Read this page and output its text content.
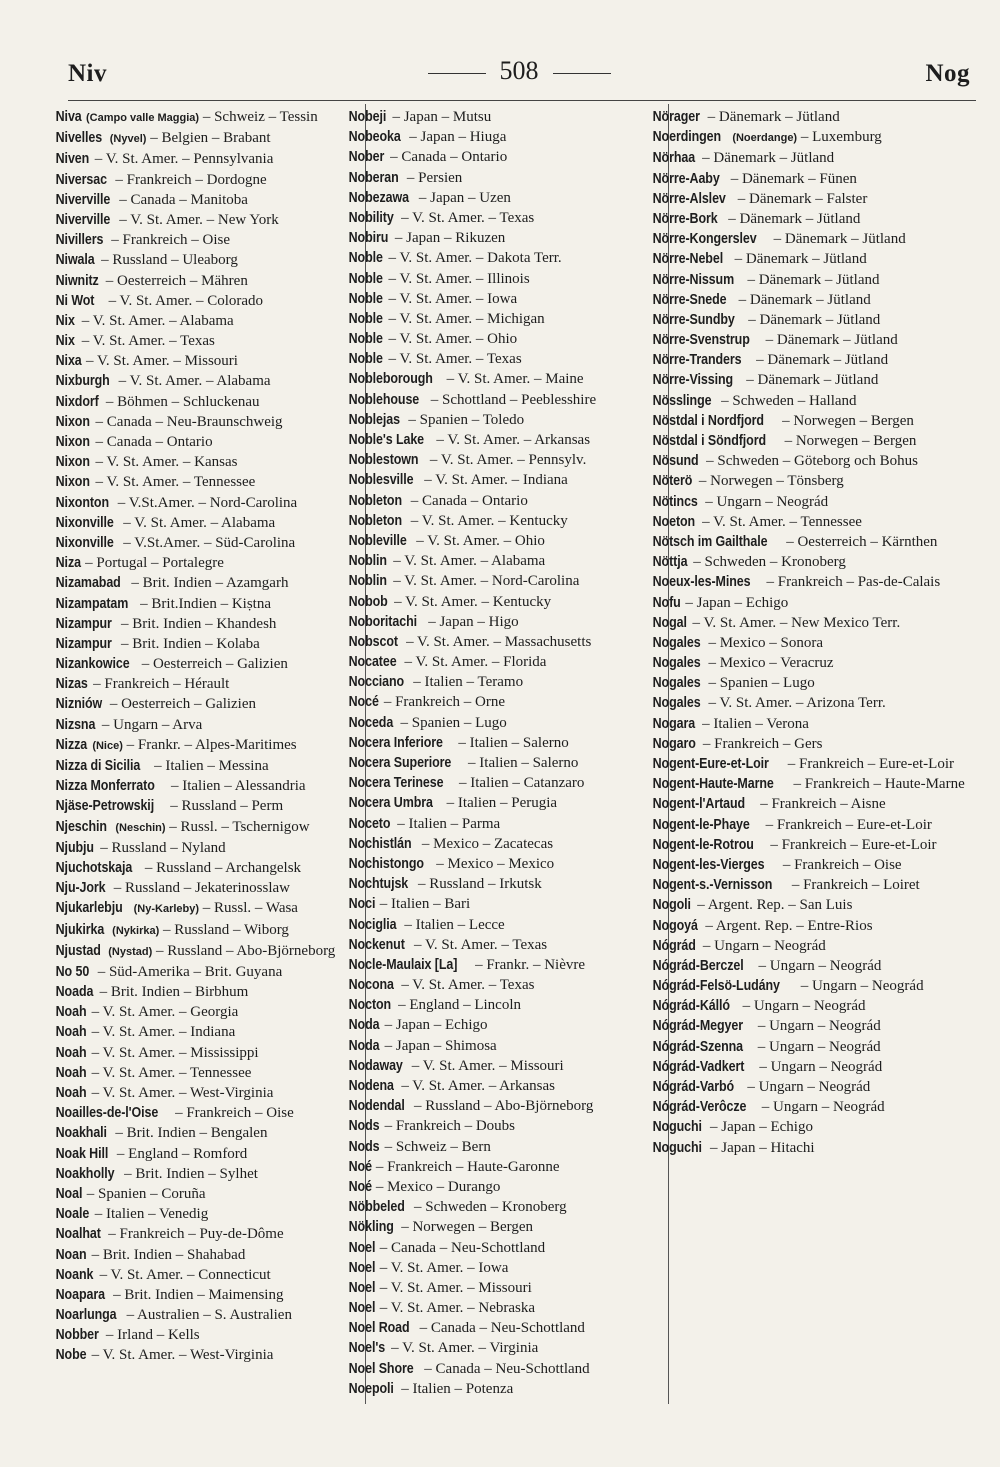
Niv	508	Nog
Niva (Campo valle Maggia) – Schweiz – Tessin
Nivelles (Nyvel) – Belgien – Brabant
Niven – V. St. Amer. – Pennsylvania
Niversac – Frankreich – Dordogne
Niverville – Canada – Manitoba
Niverville – V. St. Amer. – New York
Nivillers – Frankreich – Oise
Niwala – Russland – Uleaborg
Niwnitz – Oesterreich – Mähren
Ni Wot – V. St. Amer. – Colorado
Nix – V. St. Amer. – Alabama
Nix – V. St. Amer. – Texas
Nixa – V. St. Amer. – Missouri
Nixburgh – V. St. Amer. – Alabama
Nixdorf – Böhmen – Schluckenau
Nixon – Canada – Neu-Braunschweig
Nixon – Canada – Ontario
Nixon – V. St. Amer. – Kansas
Nixon – V. St. Amer. – Tennessee
Nixonton – V.St.Amer. – Nord-Carolina
Nixonville – V. St. Amer. – Alabama
Nixonville – V.St.Amer. – Süd-Carolina
Niza – Portugal – Portalegre
Nizamabad – Brit. Indien – Azamgarh
Nizampatam – Brit.Indien – Kiṣtna
Nizampur – Brit. Indien – Khandesh
Nizampur – Brit. Indien – Kolaba
Nizankowice – Oesterreich – Galizien
Nizas – Frankreich – Hérault
Nizniów – Oesterreich – Galizien
Nizsna – Ungarn – Arva
Nizza (Nice) – Frankr. – Alpes-Maritimes
Nizza di Sicilia – Italien – Messina
Nizza Monferrato – Italien – Alessandria
Njäse-Petrowskij – Russland – Perm
Njeschin (Neschin) – Russl. – Tschernigow
Njubju – Russland – Nyland
Njuchotskaja – Russland – Archangelsk
Nju-Jork – Russland – Jekaterinosslaw
Njukarlebju (Ny-Karleby) – Russl. – Wasa
Njukirka (Nykirka) – Russland – Wiborg
Njustad (Nystad) – Russland – Abo-Björneborg
No 50 – Süd-Amerika – Brit. Guyana
Noada – Brit. Indien – Birbhum
Noah – V. St. Amer. – Georgia
Noah – V. St. Amer. – Indiana
Noah – V. St. Amer. – Mississippi
Noah – V. St. Amer. – Tennessee
Noah – V. St. Amer. – West-Virginia
Noailles-de-l'Oise – Frankreich – Oise
Noakhali – Brit. Indien – Bengalen
Noak Hill – England – Romford
Noakholly – Brit. Indien – Sylhet
Noal – Spanien – Coruña
Noale – Italien – Venedig
Noalhat – Frankreich – Puy-de-Dôme
Noan – Brit. Indien – Shahabad
Noank – V. St. Amer. – Connecticut
Noapara – Brit. Indien – Maimensing
Noarlunga – Australien – S. Australien
Nobber – Irland – Kells
Nobe – V. St. Amer. – West-Virginia
Nobeji – Japan – Mutsu
Nobeoka – Japan – Hiuga
Nober – Canada – Ontario
Noberan – Persien
Nobezawa – Japan – Uzen
Nobility – V. St. Amer. – Texas
Nobiru – Japan – Rikuzen
Noble – V. St. Amer. – Dakota Terr.
Noble – V. St. Amer. – Illinois
Noble – V. St. Amer. – Iowa
Noble – V. St. Amer. – Michigan
Noble – V. St. Amer. – Ohio
Noble – V. St. Amer. – Texas
Nobleborough – V. St. Amer. – Maine
Noblehouse – Schottland – Peeblesshire
Noblejas – Spanien – Toledo
Noble's Lake – V. St. Amer. – Arkansas
Noblestown – V. St. Amer. – Pennsylv.
Noblesville – V. St. Amer. – Indiana
Nobleton – Canada – Ontario
Nobleton – V. St. Amer. – Kentucky
Nobleville – V. St. Amer. – Ohio
Noblin – V. St. Amer. – Alabama
Noblin – V. St. Amer. – Nord-Carolina
Nobob – V. St. Amer. – Kentucky
Noboritachi – Japan – Higo
Nobscot – V. St. Amer. – Massachusetts
Nocatee – V. St. Amer. – Florida
Nocciano – Italien – Teramo
Nocé – Frankreich – Orne
Noceda – Spanien – Lugo
Nocera Inferiore – Italien – Salerno
Nocera Superiore – Italien – Salerno
Nocera Terinese – Italien – Catanzaro
Nocera Umbra – Italien – Perugia
Noceto – Italien – Parma
Nochistlán – Mexico – Zacatecas
Nochistongo – Mexico – Mexico
Nochtujsk – Russland – Irkutsk
Noci – Italien – Bari
Nociglia – Italien – Lecce
Nockenut – V. St. Amer. – Texas
Nocle-Maulaix [La] – Frankr. – Nièvre
Nocona – V. St. Amer. – Texas
Nocton – England – Lincoln
Noda – Japan – Echigo
Noda – Japan – Shimosa
Nodaway – V. St. Amer. – Missouri
Nodena – V. St. Amer. – Arkansas
Nodendal – Russland – Abo-Björneborg
Nods – Frankreich – Doubs
Nods – Schweiz – Bern
Noé – Frankreich – Haute-Garonne
Noé – Mexico – Durango
Nöbbeled – Schweden – Kronoberg
Nökling – Norwegen – Bergen
Noel – Canada – Neu-Schottland
Noel – V. St. Amer. – Iowa
Noel – V. St. Amer. – Missouri
Noel – V. St. Amer. – Nebraska
Noel Road – Canada – Neu-Schottland
Noel's – V. St. Amer. – Virginia
Noel Shore – Canada – Neu-Schottland
Noepoli – Italien – Potenza
Nörager – Dänemark – Jütland
Noerdingen (Noerdange) – Luxemburg
Nörhaa – Dänemark – Jütland
Nörre-Aaby – Dänemark – Fünen
Nörre-Alslev – Dänemark – Falster
Nörre-Bork – Dänemark – Jütland
Nörre-Kongerslev – Dänemark – Jütland
Nörre-Nebel – Dänemark – Jütland
Nörre-Nissum – Dänemark – Jütland
Nörre-Snede – Dänemark – Jütland
Nörre-Sundby – Dänemark – Jütland
Nörre-Svenstrup – Dänemark – Jütland
Nörre-Tranders – Dänemark – Jütland
Nörre-Vissing – Dänemark – Jütland
Nösslinge – Schweden – Halland
Nöstdal i Nordfjord – Norwegen – Bergen
Nöstdal i Söndfjord – Norwegen – Bergen
Nösund – Schweden – Göteborg och Bohus
Nöterö – Norwegen – Tönsberg
Nötincs – Ungarn – Neográd
Noeton – V. St. Amer. – Tennessee
Nötsch im Gailthale – Oesterreich – Kärnthen
Nöttja – Schweden – Kronoberg
Noeux-les-Mines – Frankreich – Pas-de-Calais
Nofu – Japan – Echigo
Nogal – V. St. Amer. – New Mexico Terr.
Nogales – Mexico – Sonora
Nogales – Mexico – Veracruz
Nogales – Spanien – Lugo
Nogales – V. St. Amer. – Arizona Terr.
Nogara – Italien – Verona
Nogaro – Frankreich – Gers
Nogent-Eure-et-Loir – Frankreich – Eure-et-Loir
Nogent-Haute-Marne – Frankreich – Haute-Marne
Nogent-l'Artaud – Frankreich – Aisne
Nogent-le-Phaye – Frankreich – Eure-et-Loir
Nogent-le-Rotrou – Frankreich – Eure-et-Loir
Nogent-les-Vierges – Frankreich – Oise
Nogent-s.-Vernisson – Frankreich – Loiret
Nogoli – Argent. Rep. – San Luis
Nogoyá – Argent. Rep. – Entre-Rios
Nógrád – Ungarn – Neográd
Nógrád-Berczel – Ungarn – Neográd
Nógrád-Felsö-Ludány – Ungarn – Neográd
Nógrád-Kálló – Ungarn – Neográd
Nógrád-Megyer – Ungarn – Neográd
Nógrád-Szenna – Ungarn – Neográd
Nógrád-Vadkert – Ungarn – Neográd
Nógrád-Varbó – Ungarn – Neográd
Nógrád-Verôcze – Ungarn – Neográd
Noguchi – Japan – Echigo
Noguchi – Japan – Hitachi
